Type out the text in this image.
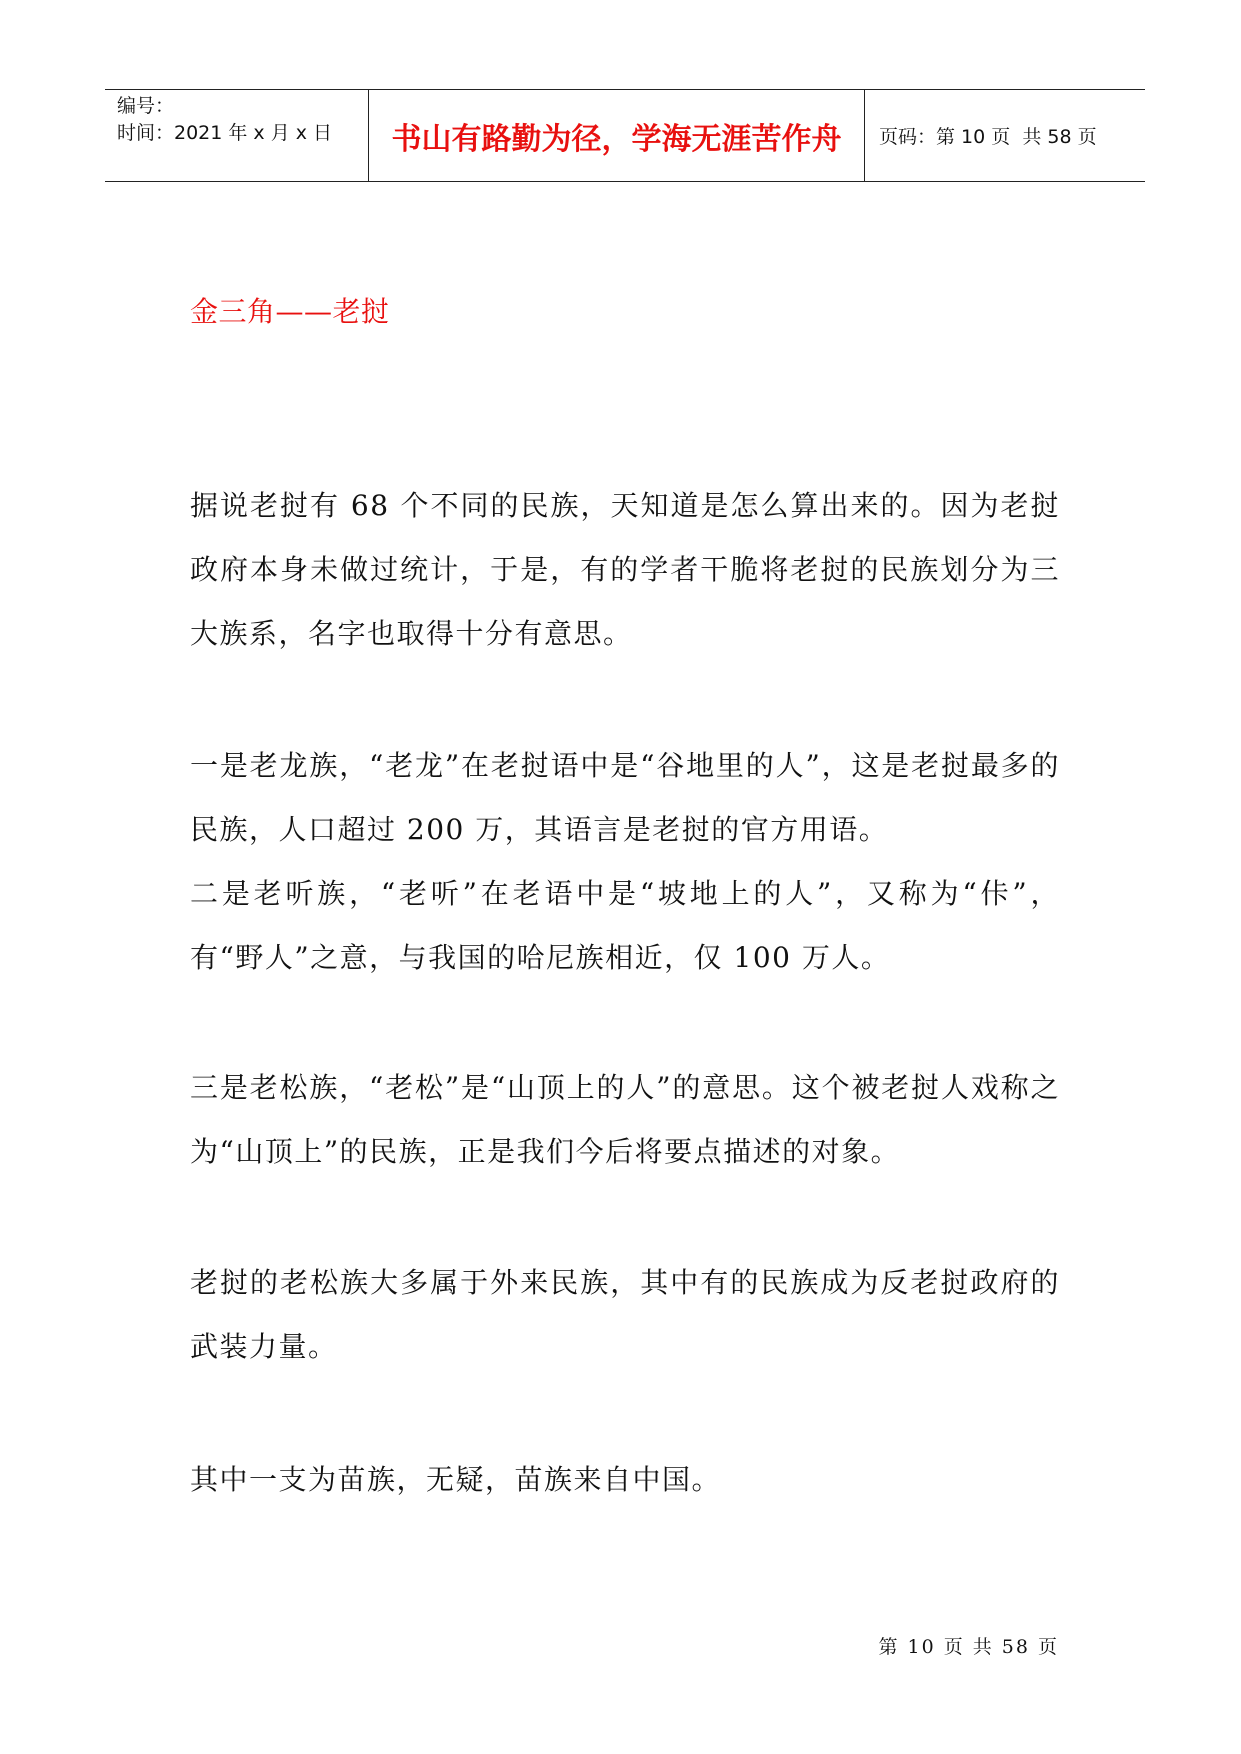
编号：
时间：2021 年 x 月 x 日	书山有路勤为径，学海无涯苦作舟	页码：第 10 页  共 58 页
金三角——老挝
据说老挝有 68 个不同的民族，天知道是怎么算出来的。因为老挝政府本身未做过统计，于是，有的学者干脆将老挝的民族划分为三大族系，名字也取得十分有意思。
一是老龙族，“老龙”在老挝语中是“谷地里的人”，这是老挝最多的民族，人口超过 200 万，其语言是老挝的官方用语。
二是老听族，“老听”在老语中是“坡地上的人”，又称为“佧”，有“野人”之意，与我国的哈尼族相近，仅 100 万人。
三是老松族，“老松”是“山顶上的人”的意思。这个被老挝人戏称之为“山顶上”的民族，正是我们今后将要点描述的对象。
老挝的老松族大多属于外来民族，其中有的民族成为反老挝政府的武装力量。
其中一支为苗族，无疑，苗族来自中国。
第 10 页 共 58 页
